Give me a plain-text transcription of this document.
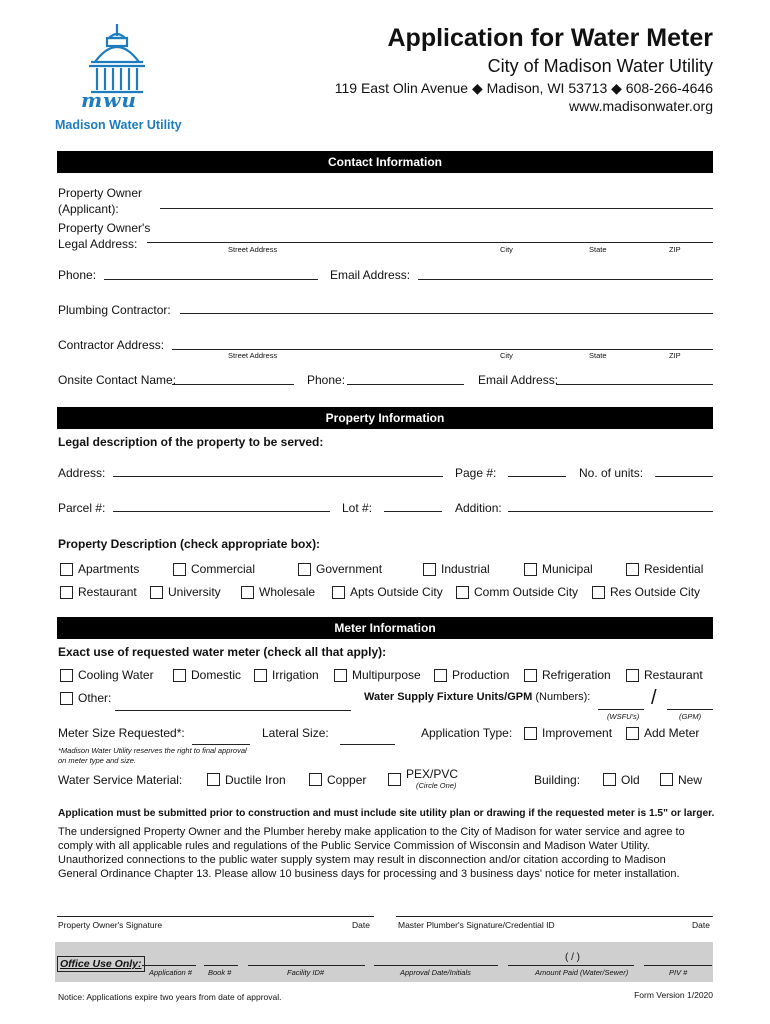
mwu
Madison Water Utility
Application for Water Meter
City of Madison Water Utility
119 East Olin Avenue ◆ Madison, WI 53713 ◆ 608-266-4646
www.madisonwater.org
Contact Information
Property Owner
(Applicant):
Property Owner's
Legal Address:	Street Address	City	State	ZIP
Phone:	Email Address:
Plumbing Contractor:
Contractor Address:
Street Address	City	State	ZIP
Onsite Contact Name:	Phone:	Email Address:
Property Information
Legal description of the property to be served:
Address:	Page #:	No. of units:
Parcel #:	Lot #:	Addition:
Property Description (check appropriate box):
Apartments	Commercial	Government	Industrial	Municipal	Residential
Restaurant	University	Wholesale	Apts Outside City	Comm Outside City	Res Outside City
Meter Information
Exact use of requested water meter (check all that apply):
Cooling Water	Domestic	Irrigation	Multipurpose	Production	Refrigeration	Restaurant
Other:	Water Supply Fixture Units/GPM (Numbers):	/
(WSFU's)	(GPM)
Meter Size Requested*:	Lateral Size:	Application Type: Improvement	Add Meter
*Madison Water Utility reserves the right to final approval
on meter type and size.
Water Service Material:	Ductile Iron	Copper	PEX/PVC
(Circle One)	Building:	Old	New
Application must be submitted prior to construction and must include site utility plan or drawing if the requested meter is 1.5" or larger.
The undersigned Property Owner and the Plumber hereby make application to the City of Madison for water service and agree to
comply with all applicable rules and regulations of the Public Service Commission of Wisconsin and Madison Water Utility.
Unauthorized connections to the public water supply system may result in disconnection and/or citation according to Madison
General Ordinance Chapter 13. Please allow 10 business days for processing and 3 business days' notice for meter installation.
Property Owner's Signature	Date	Master Plumber's Signature/Credential ID	Date
Office Use Only:
Application # Book #	Facility ID#	Approval Date/Initials
( / )
Amount Paid (Water/Sewer)	PIV #
Notice: Applications expire two years from date of approval.	Form Version 1/2020
